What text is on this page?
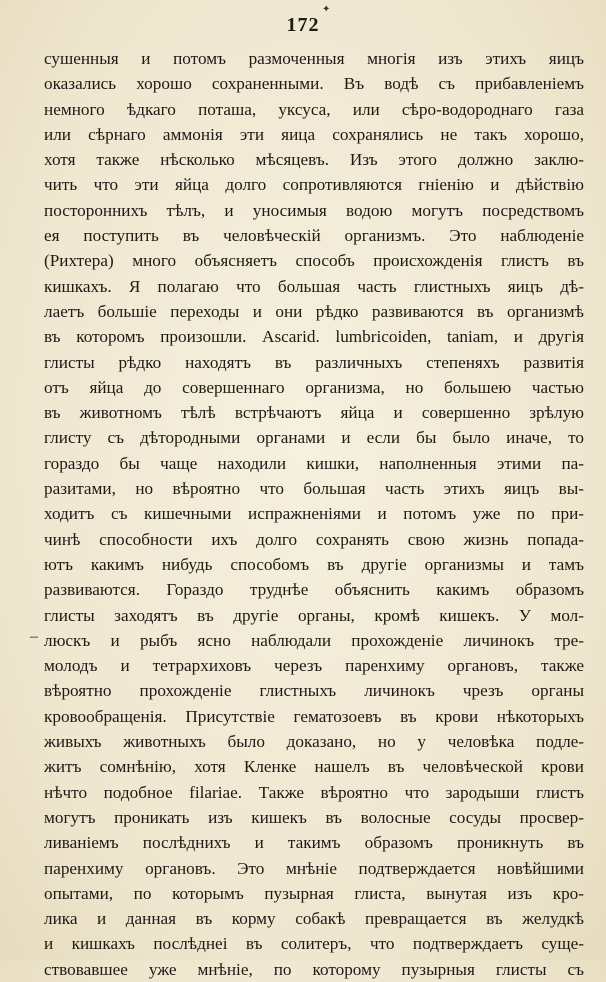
✦
172
–
сушенныя и потомъ размоченныя многія изъ этихъ яицъ
оказались хорошо сохраненными. Въ водѣ съ прибавленіемъ
немного ѣдкаго поташа, уксуса, или сѣро-водороднаго газа
или сѣрнаго аммонія эти яица сохранялись не такъ хорошо,
хотя также нѣсколько мѣсяцевъ. Изъ этого должно заклю-
чить что эти яйца долго сопротивляются гніенію и дѣйствію
постороннихъ тѣлъ, и уносимыя водою могутъ посредствомъ
ея поступить въ человѣческій организмъ. Это наблюденіе
(Рихтера) много объясняетъ способъ происхожденія глистъ въ
кишкахъ. Я полагаю что большая часть глистныхъ яицъ дѣ-
лаетъ большіе переходы и они рѣдко развиваются въ организмѣ
въ которомъ произошли. Ascarid. lumbricoiden, taniam, и другія
глисты рѣдко находятъ въ различныхъ степеняхъ развитія
отъ яйца до совершеннаго организма, но большею частью
въ животномъ тѣлѣ встрѣчаютъ яйца и совершенно зрѣлую
глисту съ дѣтородными органами и если бы было иначе, то
гораздо бы чаще находили кишки, наполненныя этими па-
разитами, но вѣроятно что большая часть этихъ яицъ вы-
ходитъ съ кишечными испражненіями и потомъ уже по при-
чинѣ способности ихъ долго сохранять свою жизнь попада-
ютъ какимъ нибудь способомъ въ другіе организмы и тамъ
развиваются. Гораздо труднѣе объяснить какимъ образомъ
глисты заходятъ въ другіе органы, кромѣ кишекъ. У мол-
люскъ и рыбъ ясно наблюдали прохожденіе личинокъ тре-
молодъ и тетрархиховъ черезъ паренхиму органовъ, также
вѣроятно прохожденіе глистныхъ личинокъ чрезъ органы
кровообращенія. Присутствіе гематозоевъ въ крови нѣкоторыхъ
живыхъ животныхъ было доказано, но у человѣка подле-
житъ сомнѣнію, хотя Кленке нашелъ въ человѣческой крови
нѣчто подобное filariae. Также вѣроятно что зародыши глистъ
могутъ проникать изъ кишекъ въ волосные сосуды просвер-
ливаніемъ послѣднихъ и такимъ образомъ проникнуть въ
паренхиму органовъ. Это мнѣніе подтверждается новѣйшими
опытами, по которымъ пузырная глиста, вынутая изъ кро-
лика и данная въ корму собакѣ превращается въ желудкѣ
и кишкахъ послѣднеі въ солитеръ, что подтверждаетъ суще-
ствовавшее уже мнѣніе, по которому пузырныя глисты съ
